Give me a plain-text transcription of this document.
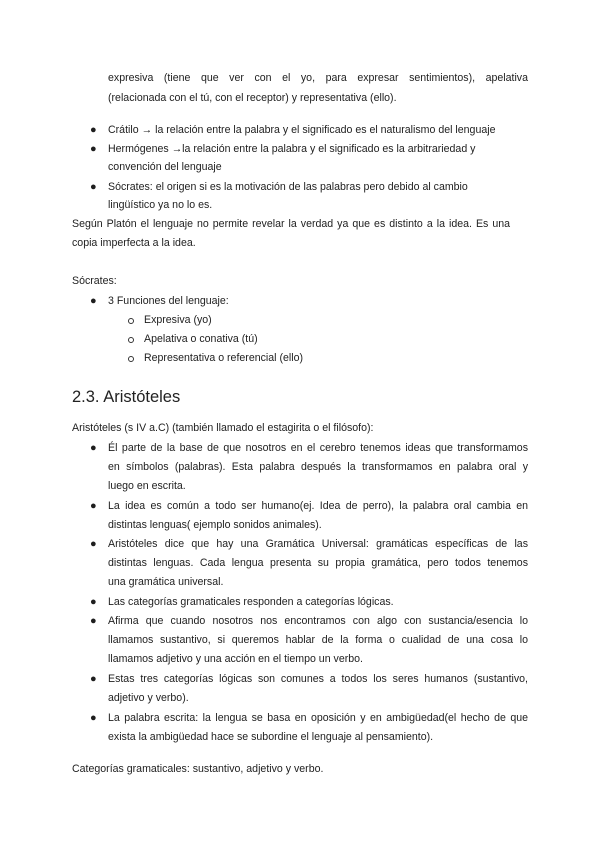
expresiva (tiene que ver con el yo, para expresar sentimientos), apelativa
(relacionada con el tú, con el receptor) y representativa (ello).
● Crátilo → la relación entre la palabra y el significado es el naturalismo del lenguaje
● Hermógenes →la relación entre la palabra y el significado es la arbitrariedad y
convención del lenguaje
● Sócrates: el origen si es la motivación de las palabras pero debido al cambio
lingüístico ya no lo es.
Según Platón el lenguaje no permite revelar la verdad ya que es distinto a la idea. Es una
copia imperfecta a la idea.
Sócrates:
● 3 Funciones del lenguaje:
Expresiva (yo)
Apelativa o conativa (tú)
Representativa o referencial (ello)
2.3. Aristóteles
Aristóteles (s IV a.C) (también llamado el estagirita o el filósofo):
● Él parte de la base de que nosotros en el cerebro tenemos ideas que transformamos
en símbolos (palabras). Esta palabra después la transformamos en palabra oral y
luego en escrita.
● La idea es común a todo ser humano(ej. Idea de perro), la palabra oral cambia en
distintas lenguas( ejemplo sonidos animales).
● Aristóteles dice que hay una Gramática Universal: gramáticas específicas de las
distintas lenguas. Cada lengua presenta su propia gramática, pero todos tenemos
una gramática universal.
● Las categorías gramaticales responden a categorías lógicas.
● Afirma que cuando nosotros nos encontramos con algo con sustancia/esencia lo
llamamos sustantivo, si queremos hablar de la forma o cualidad de una cosa lo
llamamos adjetivo y una acción en el tiempo un verbo.
● Estas tres categorías lógicas son comunes a todos los seres humanos (sustantivo,
adjetivo y verbo).
● La palabra escrita: la lengua se basa en oposición y en ambigüedad(el hecho de que
exista la ambigüedad hace se subordine el lenguaje al pensamiento).
Categorías gramaticales: sustantivo, adjetivo y verbo.
